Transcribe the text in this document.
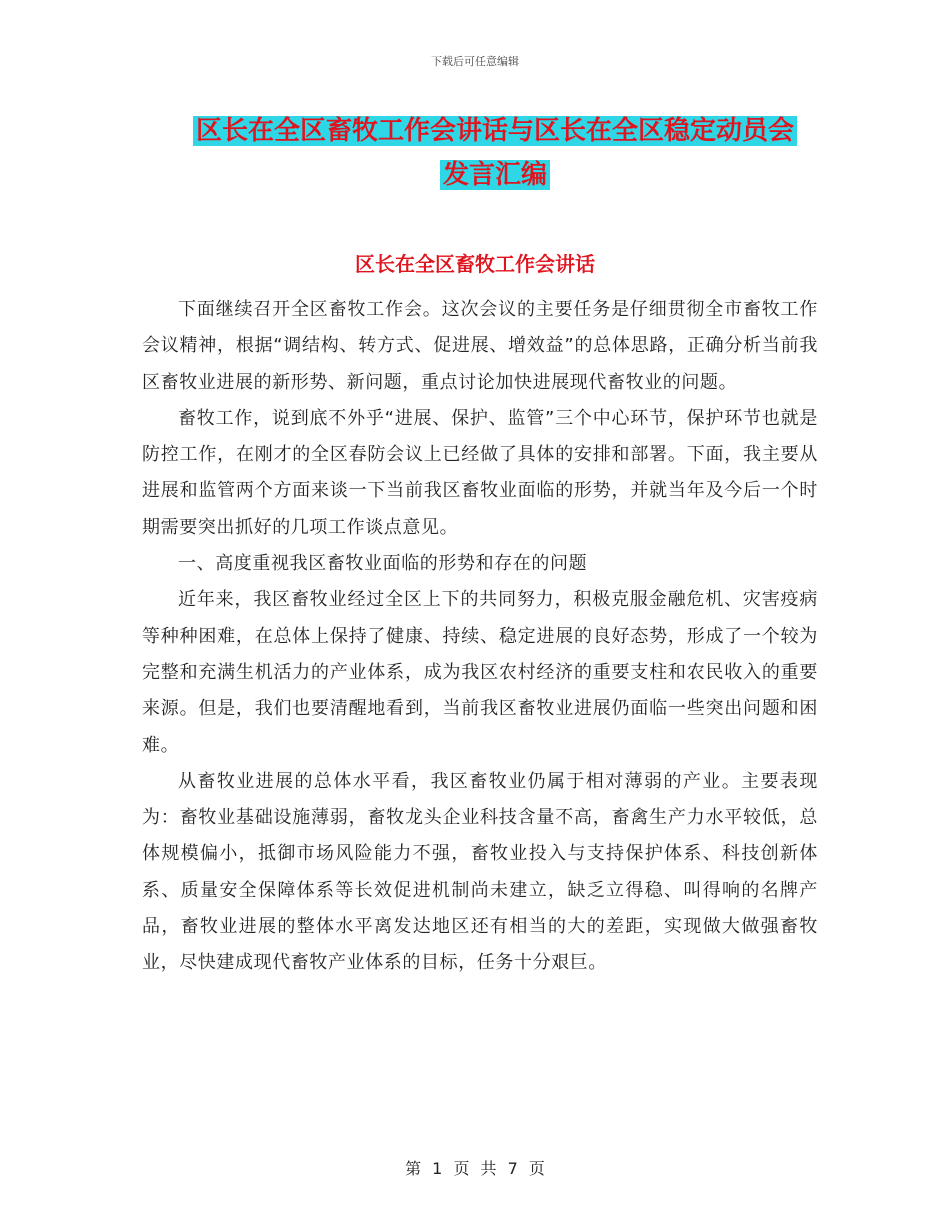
下载后可任意编辑
区长在全区畜牧工作会讲话与区长在全区稳定动员会
发言汇编
区长在全区畜牧工作会讲话

下面继续召开全区畜牧工作会。这次会议的主要任务是仔细贯彻全市畜牧工作会议精神，根据“调结构、转方式、促进展、增效益”的总体思路，正确分析当前我区畜牧业进展的新形势、新问题，重点讨论加快进展现代畜牧业的问题。

畜牧工作，说到底不外乎“进展、保护、监管”三个中心环节，保护环节也就是防控工作，在刚才的全区春防会议上已经做了具体的安排和部署。下面，我主要从进展和监管两个方面来谈一下当前我区畜牧业面临的形势，并就当年及今后一个时期需要突出抓好的几项工作谈点意见。

一、高度重视我区畜牧业面临的形势和存在的问题

近年来，我区畜牧业经过全区上下的共同努力，积极克服金融危机、灾害疫病等种种困难，在总体上保持了健康、持续、稳定进展的良好态势，形成了一个较为完整和充满生机活力的产业体系，成为我区农村经济的重要支柱和农民收入的重要来源。但是，我们也要清醒地看到，当前我区畜牧业进展仍面临一些突出问题和困难。

从畜牧业进展的总体水平看，我区畜牧业仍属于相对薄弱的产业。主要表现为：畜牧业基础设施薄弱，畜牧龙头企业科技含量不高，畜禽生产力水平较低，总体规模偏小，抵御市场风险能力不强，畜牧业投入与支持保护体系、科技创新体系、质量安全保障体系等长效促进机制尚未建立，缺乏立得稳、叫得响的名牌产品，畜牧业进展的整体水平离发达地区还有相当的大的差距，实现做大做强畜牧业，尽快建成现代畜牧产业体系的目标，任务十分艰巨。

第 1 页 共 7 页
